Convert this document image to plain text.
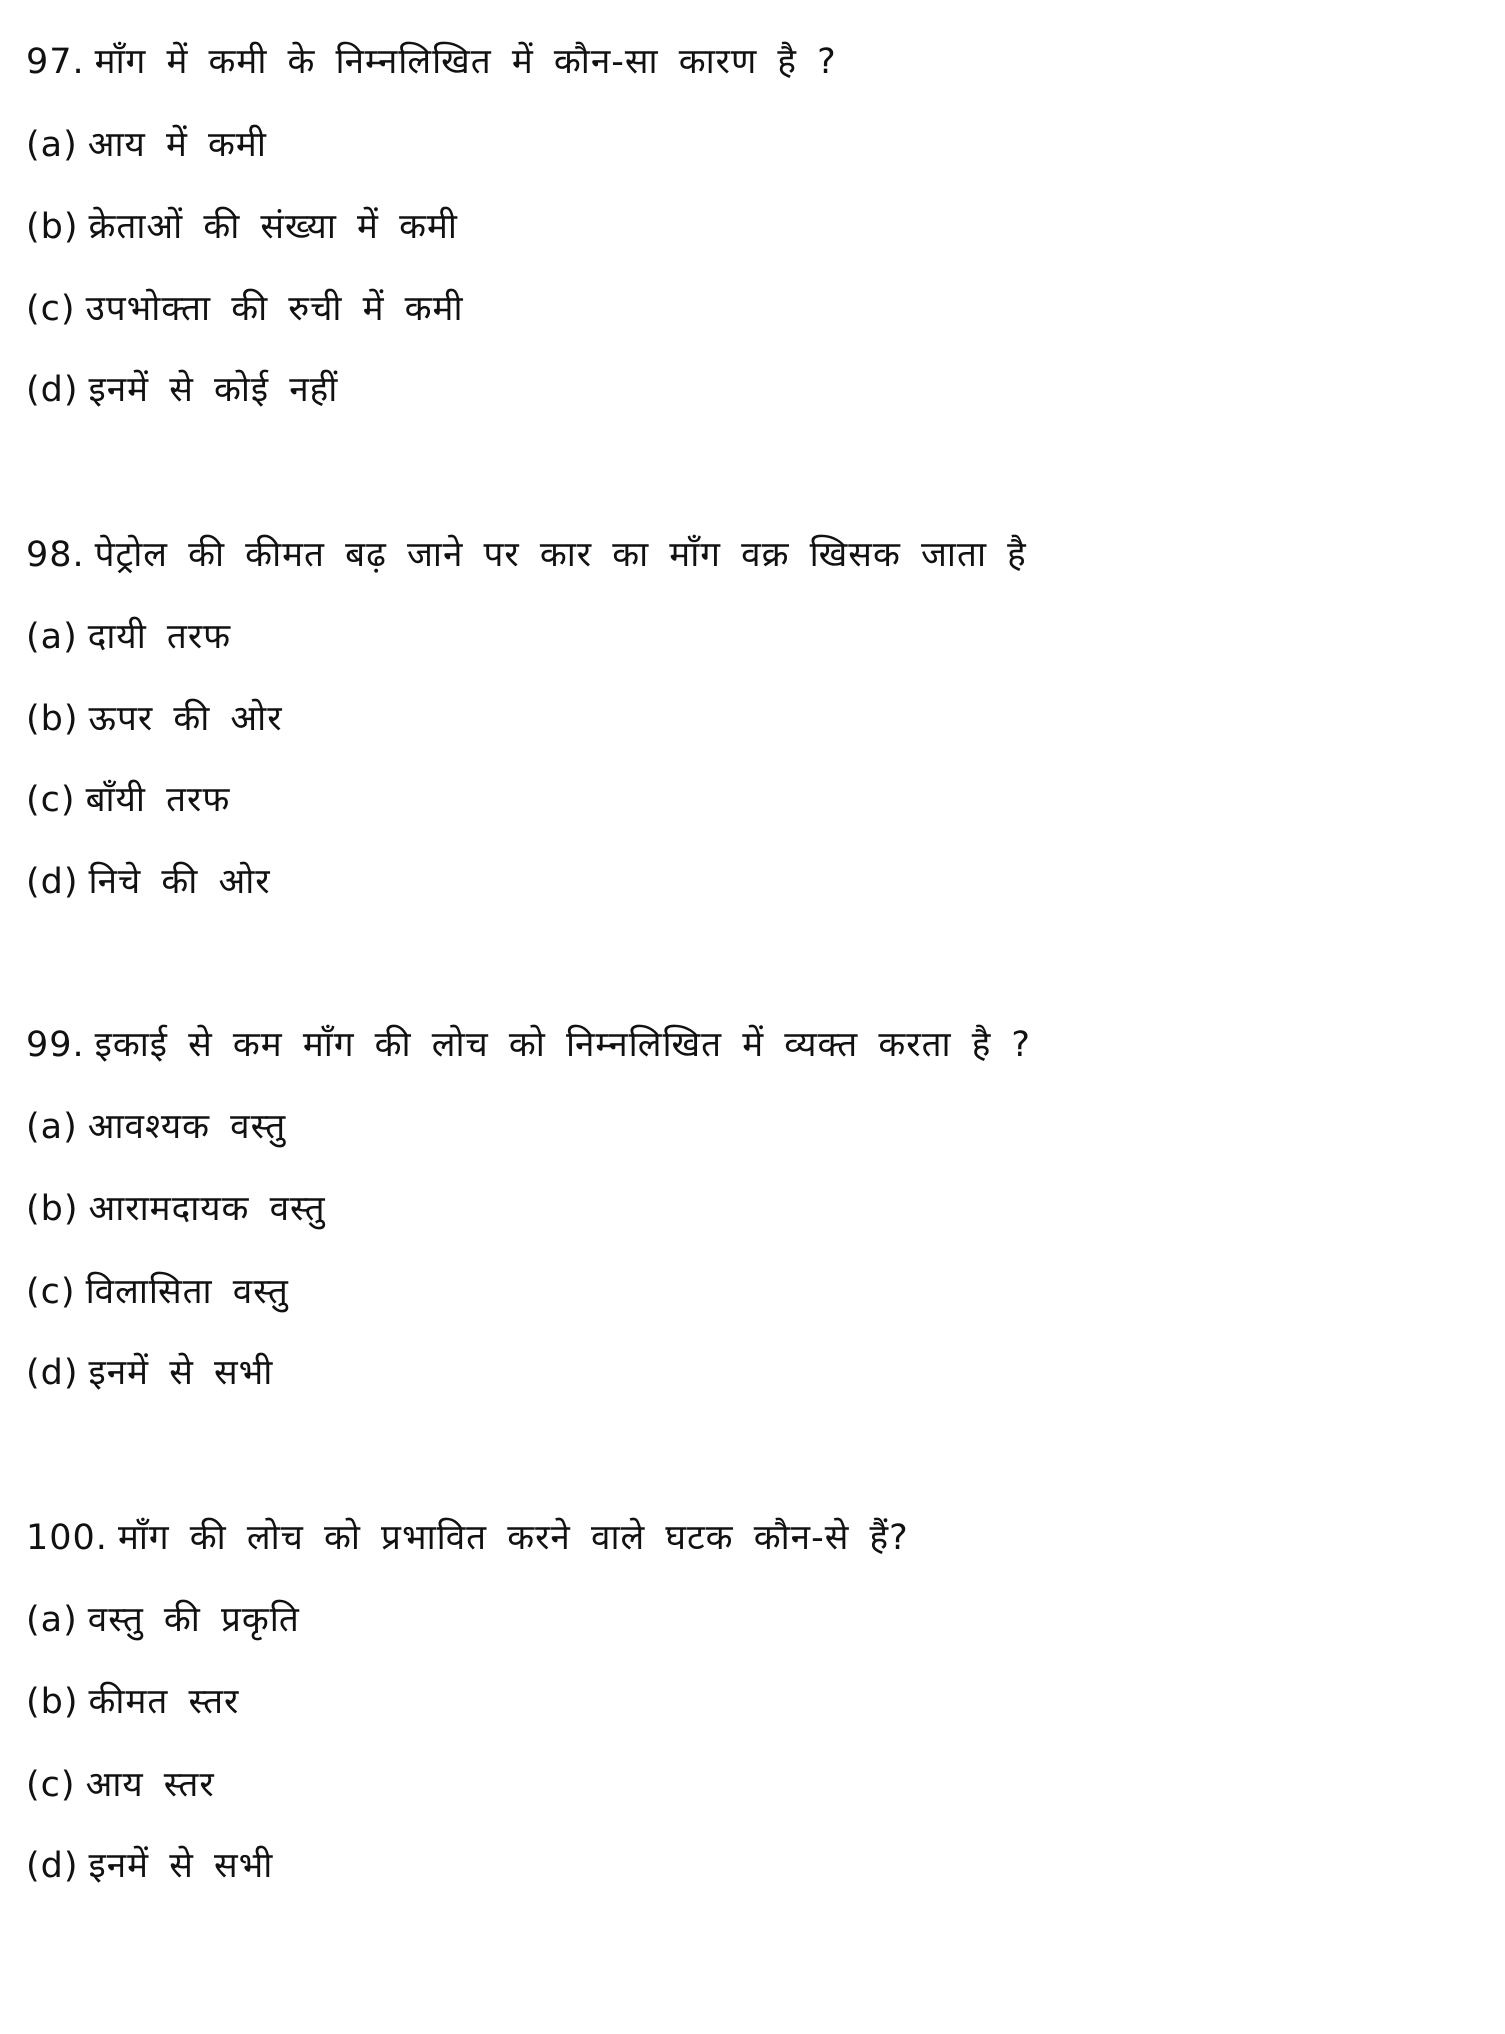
97. माँग में कमी के निम्नलिखित में कौन-सा कारण है ?
(a) आय में कमी
(b) क्रेताओं की संख्या में कमी
(c) उपभोक्ता की रुची में कमी
(d) इनमें से कोई नहीं
98. पेट्रोल की कीमत बढ़ जाने पर कार का माँग वक्र खिसक जाता है
(a) दायी तरफ
(b) ऊपर की ओर
(c) बाँयी तरफ
(d) निचे की ओर
99. इकाई से कम माँग की लोच को निम्नलिखित में व्यक्त करता है ?
(a) आवश्यक वस्तु
(b) आरामदायक वस्तु
(c) विलासिता वस्तु
(d) इनमें से सभी
100. माँग की लोच को प्रभावित करने वाले घटक कौन-से हैं?
(a) वस्तु की प्रकृति
(b) कीमत स्तर
(c) आय स्तर
(d) इनमें से सभी
